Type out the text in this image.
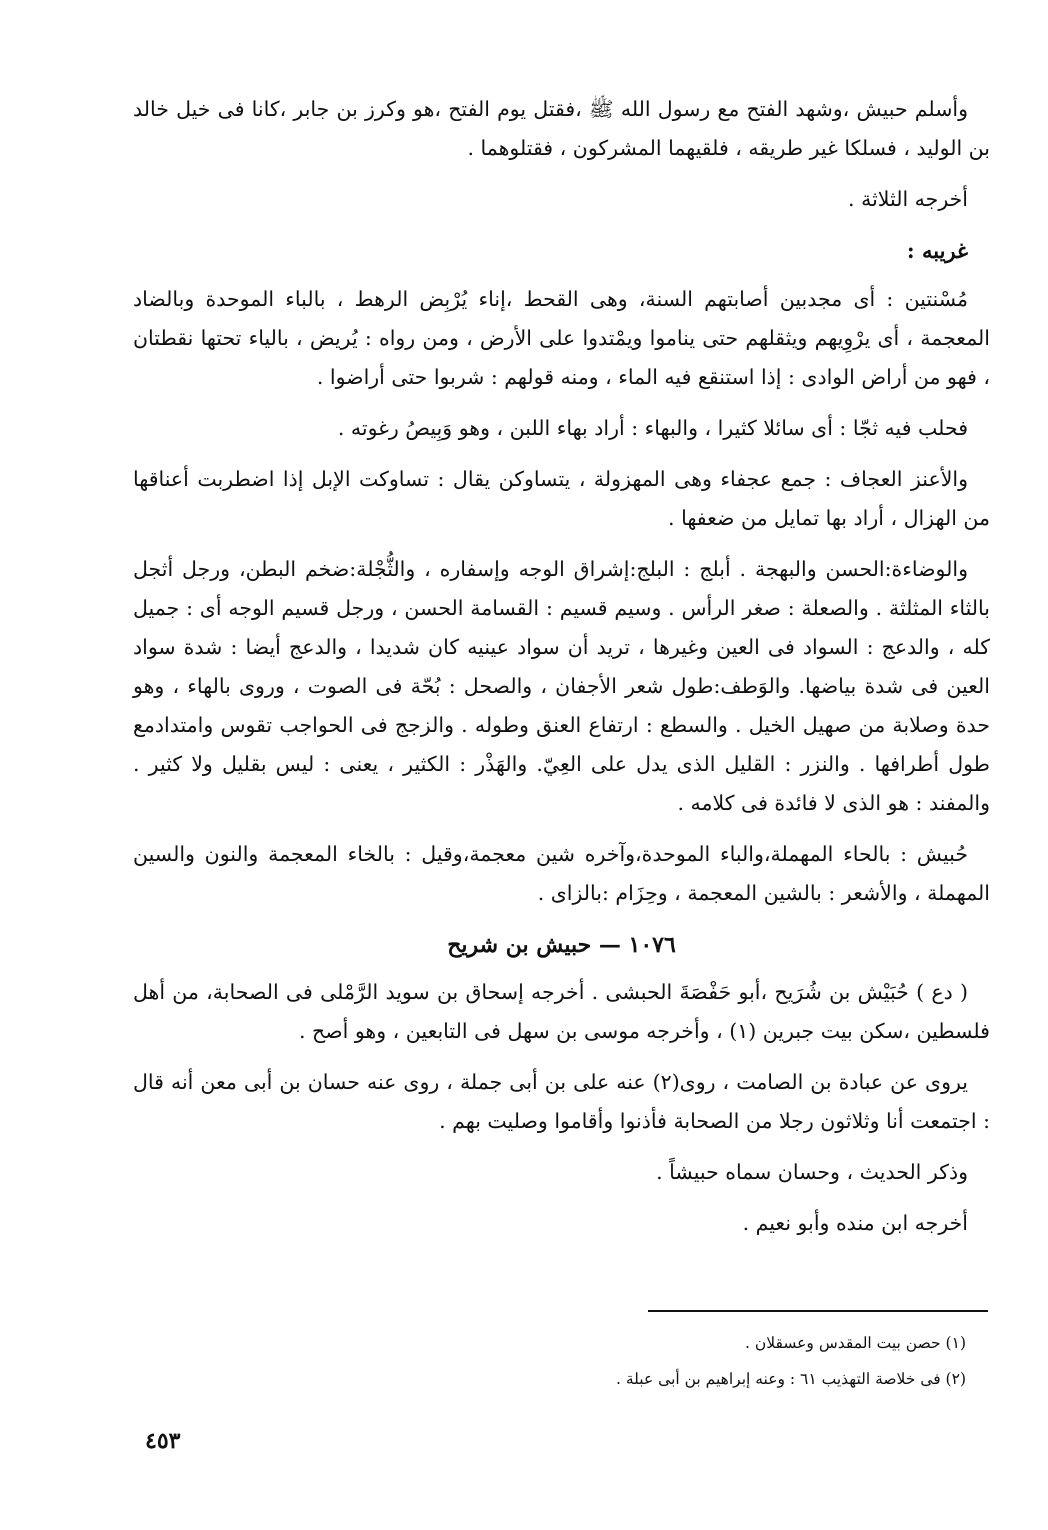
وأسلم حبيش ،وشهد الفتح مع رسول الله ﷺ ،فقتل يوم الفتح ،هو وكرز بن جابر ،كانا فى خيل خالد بن الوليد ، فسلكا غير طريقه ، فلقيهما المشركون ، فقتلوهما .

أخرجه الثلاثة .

غريبه :

مُسْنتين : أى مجدبين أصابتهم السنة، وهى القحط ،إناء يُرْبِض الرهط ، بالباء الموحدة وبالضاد المعجمة ، أى يرْوِيهم ويثقلهم حتى يناموا ويمْتدوا على الأرض ، ومن رواه : يُريض ، بالياء تحتها نقطتان ، فهو من أراض الوادى : إذا استنقع فيه الماء ، ومنه قولهم : شربوا حتى أراضوا .

فحلب فيه ثجّا : أى سائلا كثيرا ، والبهاء : أراد بهاء اللبن ، وهو وَبِيصُ رغوته .

والأعنز العجاف : جمع عجفاء وهى المهزولة ، يتساوكن يقال : تساوكت الإبل إذا اضطربت أعناقها من الهزال ، أراد بها تمايل من ضعفها .

والوضاءة:الحسن والبهجة . أبلج : البلج:إشراق الوجه وإسفاره ، والثُّجْلة:ضخم البطن، ورجل أثجل بالثاء المثلثة . والصعلة : صغر الرأس . وسيم قسيم : القسامة الحسن ، ورجل قسيم الوجه أى : جميل كله ، والدعج : السواد فى العين وغيرها ، تريد أن سواد عينيه كان شديدا ، والدعج أيضا : شدة سواد العين فى شدة بياضها. والوَطف:طول شعر الأجفان ، والصحل : بُحّة فى الصوت ، وروى بالهاء ، وهو حدة وصلابة من صهيل الخيل . والسطع : ارتفاع العنق وطوله . والزجج فى الحواجب تقوس وامتدادمع طول أطرافها . والنزر : القليل الذى يدل على العِيّ. والهَذْر : الكثير ، يعنى : ليس بقليل ولا كثير . والمفند : هو الذى لا فائدة فى كلامه .

حُبيش : بالحاء المهملة،والباء الموحدة،وآخره شين معجمة،وقيل : بالخاء المعجمة والنون والسين المهملة ، والأشعر : بالشين المعجمة ، وحِزَام :بالزاى .

١٠٧٦ — حبيش بن شريح

( دع ) حُبَيْش بن شُرَيح ،أبو حَفْصَةَ الحبشى . أخرجه إسحاق بن سويد الرَّمْلى فى الصحابة، من أهل فلسطين ،سكن بيت جبرين (١) ، وأخرجه موسى بن سهل فى التابعين ، وهو أصح .

يروى عن عبادة بن الصامت ، روى(٢) عنه على بن أبى جملة ، روى عنه حسان بن أبى معن أنه قال : اجتمعت أنا وثلاثون رجلا من الصحابة فأذنوا وأقاموا وصليت بهم .

وذكر الحديث ، وحسان سماه حبيشاً .

أخرجه ابن منده وأبو نعيم .

(١) حصن بيت المقدس وعسقلان .
(٢) فى خلاصة التهذيب ٦١ : وعنه إبراهيم بن أبى عبلة .
٤٥٣
